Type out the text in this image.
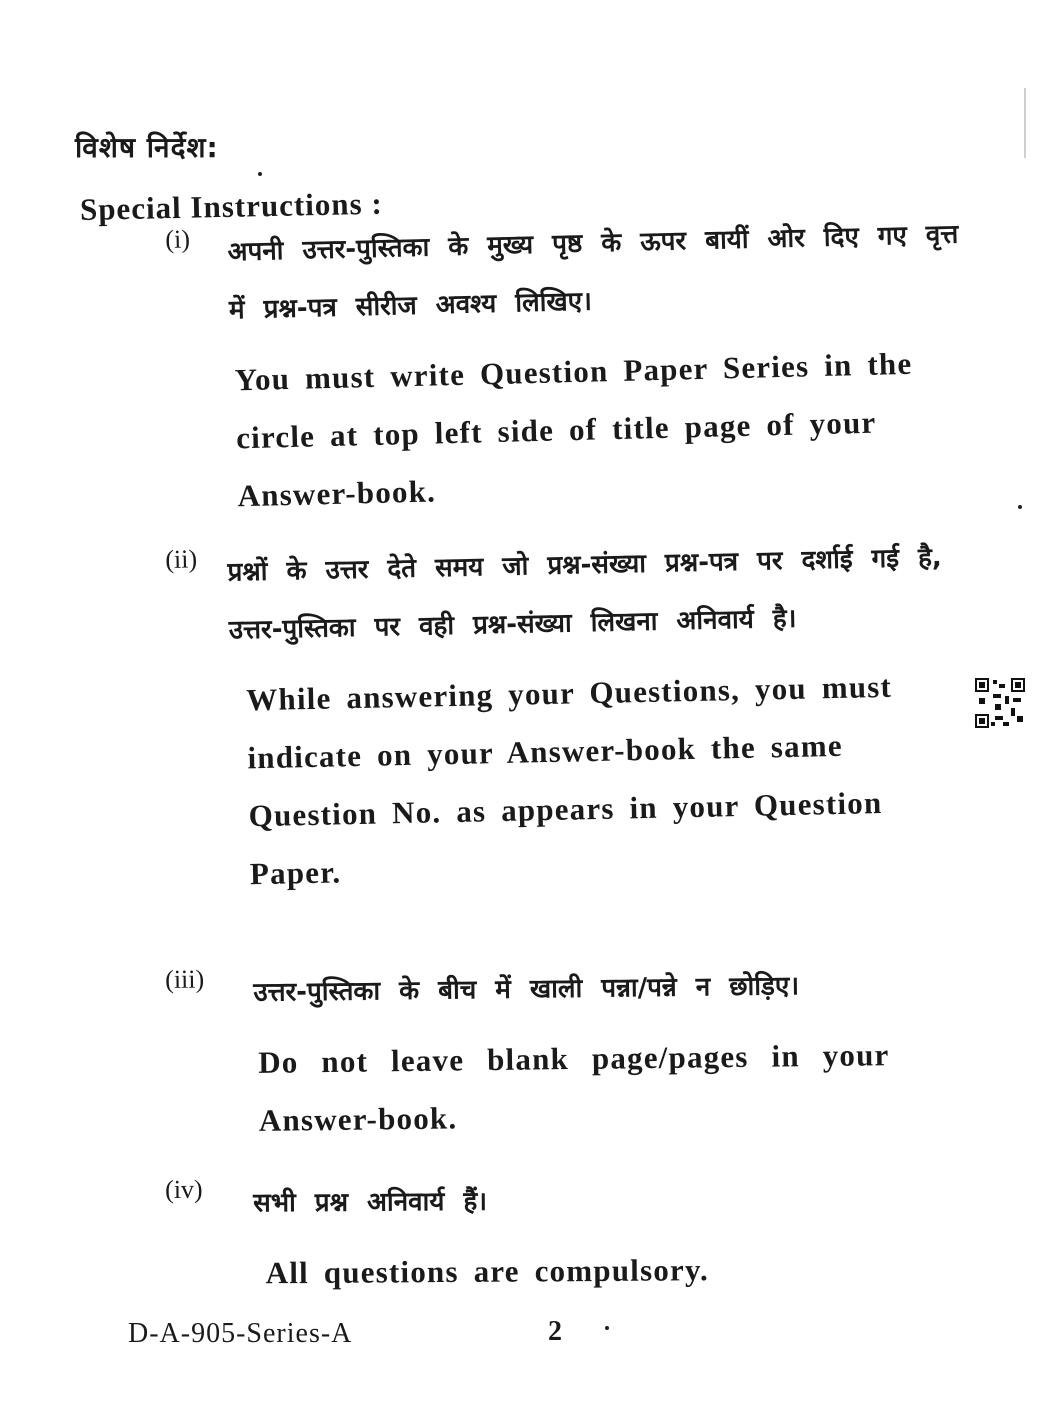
विशेष निर्देश:
Special Instructions :
(i) अपनी उत्तर-पुस्तिका के मुख्य पृष्ठ के ऊपर बायीं ओर दिए गए वृत्त में प्रश्न-पत्र सीरीज अवश्य लिखिए।
You must write Question Paper Series in the circle at top left side of title page of your Answer-book.
(ii) प्रश्नों के उत्तर देते समय जो प्रश्न-संख्या प्रश्न-पत्र पर दर्शाई गई है, उत्तर-पुस्तिका पर वही प्रश्न-संख्या लिखना अनिवार्य है।
While answering your Questions, you must indicate on your Answer-book the same Question No. as appears in your Question Paper.
(iii) उत्तर-पुस्तिका के बीच में खाली पन्ना/पन्ने न छोड़िए।
Do not leave blank page/pages in your Answer-book.
(iv) सभी प्रश्न अनिवार्य हैं।
All questions are compulsory.
D-A-905-Series-A	2
